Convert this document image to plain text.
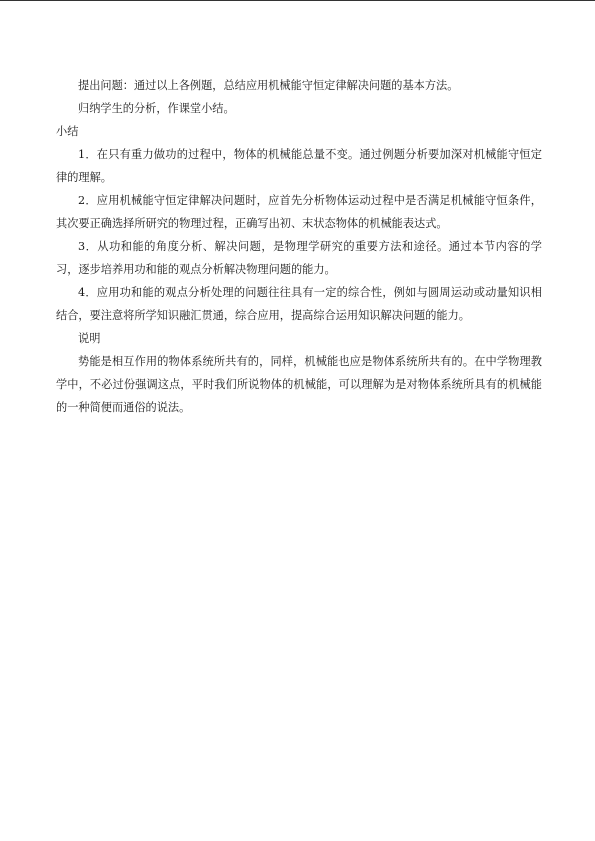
提出问题：通过以上各例题，总结应用机械能守恒定律解决问题的基本方法。

归纳学生的分析，作课堂小结。

小结

1．在只有重力做功的过程中，物体的机械能总量不变。通过例题分析要加深对机械能守恒定律的理解。

2．应用机械能守恒定律解决问题时，应首先分析物体运动过程中是否满足机械能守恒条件，其次要正确选择所研究的物理过程，正确写出初、末状态物体的机械能表达式。

3．从功和能的角度分析、解决问题，是物理学研究的重要方法和途径。通过本节内容的学习，逐步培养用功和能的观点分析解决物理问题的能力。

4．应用功和能的观点分析处理的问题往往具有一定的综合性，例如与圆周运动或动量知识相结合，要注意将所学知识融汇贯通，综合应用，提高综合运用知识解决问题的能力。

说明

势能是相互作用的物体系统所共有的，同样，机械能也应是物体系统所共有的。在中学物理教学中，不必过份强调这点，平时我们所说物体的机械能，可以理解为是对物体系统所具有的机械能的一种简便而通俗的说法。
